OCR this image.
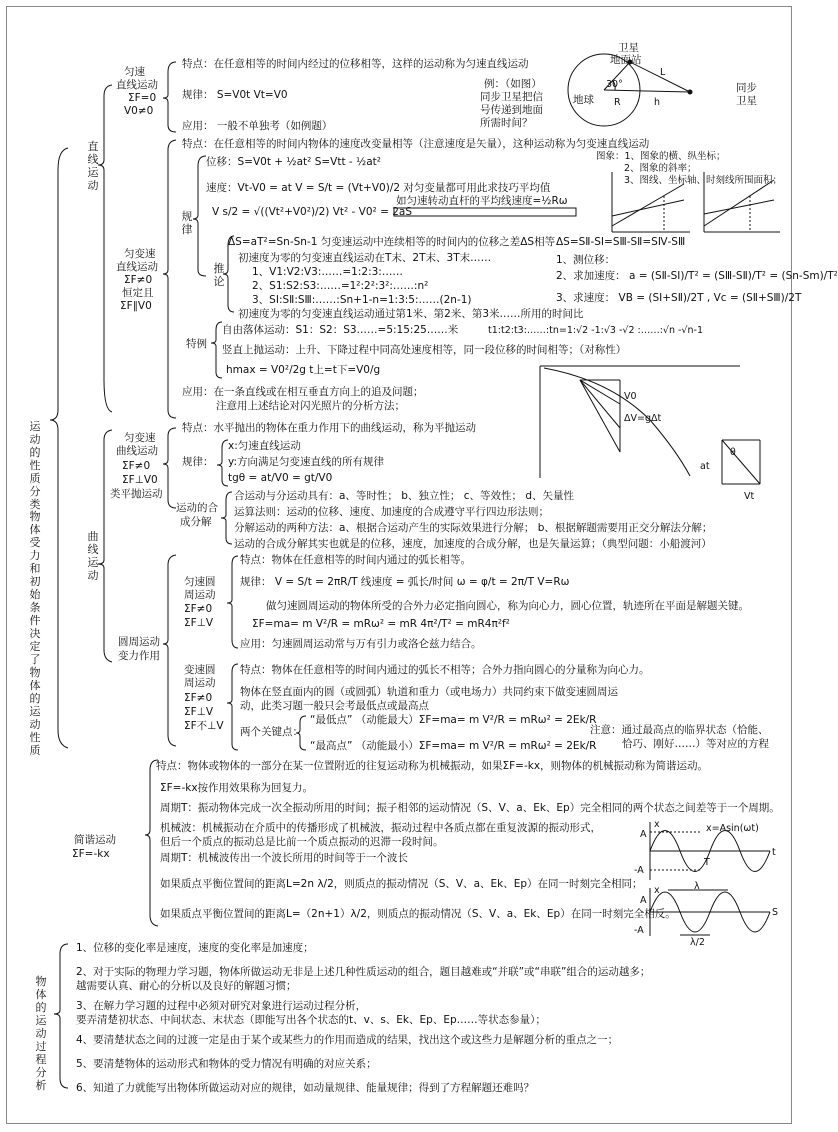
运动的性质分类
物体受力和初始条件决定了物体的运动性质
直线运动
曲线运动
物体的运动过程分析
匀速
直线运动
ΣF=0
V0≠0
特点：在任意相等的时间内经过的位移相等，这样的运动称为匀速直线运动
规律： S=V0t Vt=V0
应用： 一般不单独考（如例题）
卫星
地面站
同步
卫星
地球
30°
R
L
h
例：（如图）
同步卫星把信
号传递到地面
所需时间？
匀变速
直线运动
ΣF≠0
恒定且
ΣF∥V0
特点：在任意相等的时间内物体的速度改变量相等（注意速度是矢量），这种运动称为匀变速直线运动
规律
位移：S=V0t + ½at² S=Vtt - ½at²
速度：Vt-V0 = at V = S/t = (Vt+V0)/2 对匀变量都可用此求技巧平均值
如匀速转动直杆的平均线速度=½Rω
V s/2 = √((Vt²+V0²)/2) Vt² - V0² = 2aS
图象：1、图象的横、纵坐标；
2、图象的斜率；
3、图线、坐标轴、时刻线所围面积；
ΔS=aT²=Sn-Sn-1 匀变速运动中连续相等的时间内的位移之差ΔS相等 ΔS=SⅡ-SⅠ=SⅢ-SⅡ=SⅣ-SⅢ
推论
初速度为零的匀变速直线运动在T末、2T末、3T末……
1、V1:V2:V3:……=1:2:3:……
2、S1:S2:S3:……=1²:2²:3²:……:n²
3、SⅠ:SⅡ:SⅢ:……:Sn+1-n=1:3:5:……(2n-1)
初速度为零的匀变速直线运动通过第1米、第2米、第3米……所用的时间比
1、测位移：
2、求加速度： a = (SⅡ-SⅠ)/T² = (SⅢ-SⅡ)/T² = (Sn-Sm)/T²
3、求速度： VB = (SⅠ+SⅡ)/2T , Vc = (SⅡ+SⅢ)/2T
特例
自由落体运动：S1：S2：S3……=5:15:25……米	t1:t2:t3:……:tn=1:√2 -1:√3 -√2 :……:√n -√n-1
竖直上抛运动：上升、下降过程中同高处速度相等，同一段位移的时间相等；（对称性）
hmax = V0²/2g t上=t下=V0/g
应用：在一条直线或在相互垂直方向上的追及问题；
注意用上述结论对闪光照片的分析方法；
匀变速
曲线运动
ΣF≠0
ΣF⊥V0
类平抛运动
特点：水平抛出的物体在重力作用下的曲线运动，称为平抛运动
规律：
x:匀速直线运动
y:方向满足匀变速直线的所有规律
tgθ = at/V0 = gt/V0
V0
ΔV=gΔt
at
Vt
θ
运动的合
成分解
合运动与分运动具有：a、等时性； b、独立性； c、等效性； d、矢量性
运算法则：运动的位移、速度、加速度的合成遵守平行四边形法则；
分解运动的两种方法：a、根据合运动产生的实际效果进行分解； b、根据解题需要用正交分解法分解；
运动的合成分解其实也就是的位移，速度，加速度的合成分解，也是矢量运算；（典型问题：小船渡河）
圆周运动
变力作用
匀速圆
周运动
ΣF≠0
ΣF⊥V
特点：物体在任意相等的时间内通过的弧长相等。
规律： V = S/t = 2πR/T 线速度 = 弧长/时间 ω = φ/t = 2π/T V=Rω
做匀速圆周运动的物体所受的合外力必定指向圆心，称为向心力，圆心位置，轨迹所在平面是解题关键。
ΣF=ma= m V²/R = mRω² = mR 4π²/T² = mR4π²f²
应用：匀速圆周运动常与万有引力或洛仑兹力结合。
变速圆
周运动
ΣF≠0
ΣF⊥V
ΣF不⊥V
特点：物体在任意相等的时间内通过的弧长不相等；合外力指向圆心的分量称为向心力。
物体在竖直面内的圆（或圆弧）轨道和重力（或电场力）共同约束下做变速圆周运
动，此类习题一般只会考最低点或最高点
两个关键点：
“最低点” （动能最大）ΣF=ma= m V²/R = mRω² = 2Ek/R
“最高点” （动能最小）ΣF=ma= m V²/R = mRω² = 2Ek/R
注意：通过最高点的临界状态（恰能、
恰巧、刚好……）等对应的方程
简谐运动
ΣF=-kx
特点：物体或物体的一部分在某一位置附近的往复运动称为机械振动，如果ΣF=-kx，则物体的机械振动称为简谐运动。
ΣF=-kx按作用效果称为回复力。
周期T：振动物体完成一次全振动所用的时间；振子相邻的运动情况（S、V、a、Ek、Ep）完全相同的两个状态之间差等于一个周期。
机械波：机械振动在介质中的传播形成了机械波，振动过程中各质点都在重复波源的振动形式，
但后一个质点的振动总是比前一个质点振动的迟滞一段时间。
周期T：机械波传出一个波长所用的时间等于一个波长
如果质点平衡位置间的距离L=2n λ/2，则质点的振动情况（S、V、a、Ek、Ep）在同一时刻完全相同；
如果质点平衡位置间的距离L=（2n+1）λ/2，则质点的振动情况（S、V、a、Ek、Ep）在同一时刻完全相反。
x
A
-A
x=Asin(ωt)
T
t
x
A
-A
λ
λ/2
S
1、位移的变化率是速度，速度的变化率是加速度；
2、对于实际的物理力学习题，物体所做运动无非是上述几种性质运动的组合，题目越难或“并联”或“串联”组合的运动越多；
越需要认真、耐心的分析以及良好的解题习惯；
3、在解力学习题的过程中必须对研究对象进行运动过程分析，
要弄清楚初状态、中间状态、末状态（即能写出各个状态的t、v、s、Ek、Ep、Ep……等状态参量）；
4、要清楚状态之间的过渡一定是由于某个或某些力的作用而造成的结果，找出这个或这些力是解题分析的重点之一；
5、要清楚物体的运动形式和物体的受力情况有明确的对应关系；
6、知道了力就能写出物体所做运动对应的规律，如动量规律、能量规律；得到了方程解题还难吗？
